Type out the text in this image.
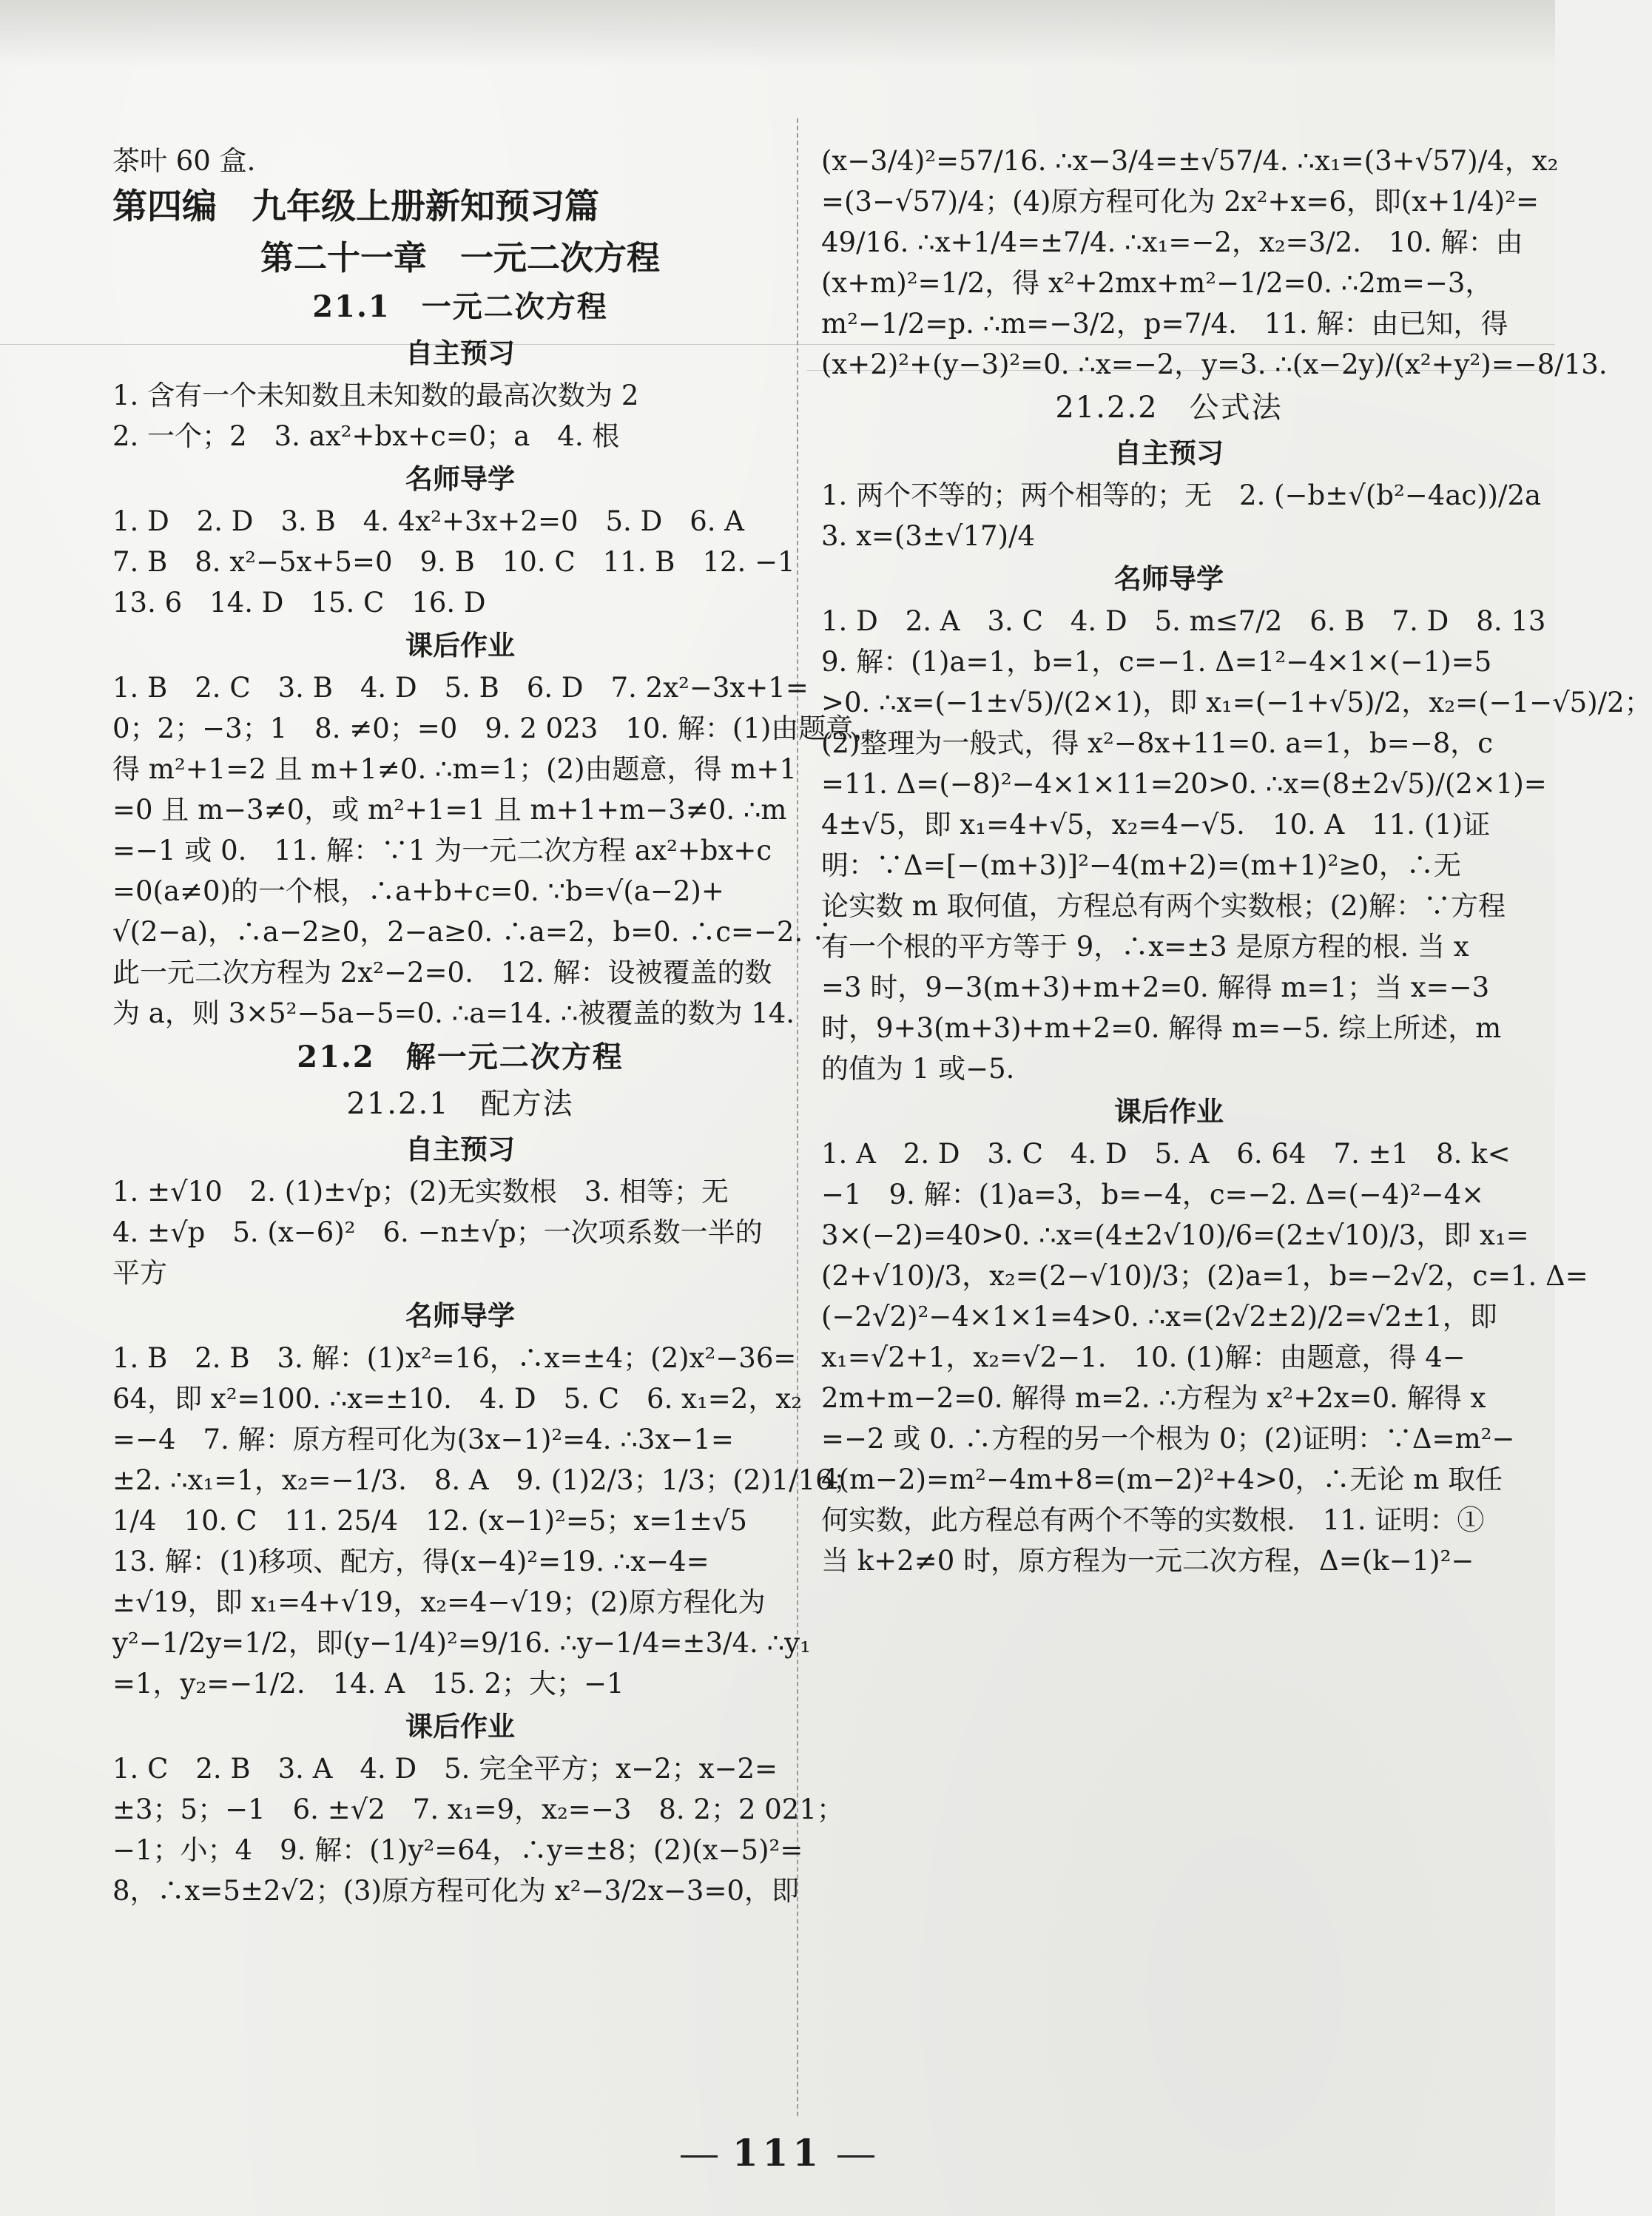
茶叶 60 盒.
第四编　九年级上册新知预习篇
第二十一章　一元二次方程
21.1　一元二次方程
自主预习
1. 含有一个未知数且未知数的最高次数为 2
2. 一个；2　3. ax²+bx+c=0；a　4. 根
名师导学
1. D　2. D　3. B　4. 4x²+3x+2=0　5. D　6. A
7. B　8. x²−5x+5=0　9. B　10. C　11. B　12. −1
13. 6　14. D　15. C　16. D
课后作业
1. B　2. C　3. B　4. D　5. B　6. D　7. 2x²−3x+1=
0；2；−3；1　8. ≠0；=0　9. 2 023　10. 解：(1)由题意，
得 m²+1=2 且 m+1≠0. ∴m=1；(2)由题意，得 m+1
=0 且 m−3≠0，或 m²+1=1 且 m+1+m−3≠0. ∴m
=−1 或 0.　11. 解：∵1 为一元二次方程 ax²+bx+c
=0(a≠0)的一个根，∴a+b+c=0. ∵b=√(a−2)+
√(2−a)，∴a−2≥0，2−a≥0. ∴a=2，b=0. ∴c=−2. ∴
此一元二次方程为 2x²−2=0.　12. 解：设被覆盖的数
为 a，则 3×5²−5a−5=0. ∴a=14. ∴被覆盖的数为 14.
21.2　解一元二次方程
21.2.1　配方法
自主预习
1. ±√10　2. (1)±√p；(2)无实数根　3. 相等；无
4. ±√p　5. (x−6)²　6. −n±√p；一次项系数一半的
平方
名师导学
1. B　2. B　3. 解：(1)x²=16，∴x=±4；(2)x²−36=
64，即 x²=100. ∴x=±10.　4. D　5. C　6. x₁=2，x₂
=−4　7. 解：原方程可化为(3x−1)²=4. ∴3x−1=
±2. ∴x₁=1，x₂=−1/3.　8. A　9. (1)2/3；1/3；(2)1/16；
1/4　10. C　11. 25/4　12. (x−1)²=5；x=1±√5
13. 解：(1)移项、配方，得(x−4)²=19. ∴x−4=
±√19，即 x₁=4+√19，x₂=4−√19；(2)原方程化为
y²−1/2y=1/2，即(y−1/4)²=9/16. ∴y−1/4=±3/4. ∴y₁
=1，y₂=−1/2.　14. A　15. 2；大；−1
课后作业
1. C　2. B　3. A　4. D　5. 完全平方；x−2；x−2=
±3；5；−1　6. ±√2　7. x₁=9，x₂=−3　8. 2；2 021；
−1；小；4　9. 解：(1)y²=64，∴y=±8；(2)(x−5)²=
8，∴x=5±2√2；(3)原方程可化为 x²−3/2x−3=0，即
(x−3/4)²=57/16. ∴x−3/4=±√57/4. ∴x₁=(3+√57)/4，x₂
=(3−√57)/4；(4)原方程可化为 2x²+x=6，即(x+1/4)²=
49/16. ∴x+1/4=±7/4. ∴x₁=−2，x₂=3/2.　10. 解：由
(x+m)²=1/2，得 x²+2mx+m²−1/2=0. ∴2m=−3，
m²−1/2=p. ∴m=−3/2，p=7/4.　11. 解：由已知，得
(x+2)²+(y−3)²=0. ∴x=−2，y=3. ∴(x−2y)/(x²+y²)=−8/13.
21.2.2　公式法
自主预习
1. 两个不等的；两个相等的；无　2. (−b±√(b²−4ac))/2a
3. x=(3±√17)/4
名师导学
1. D　2. A　3. C　4. D　5. m≤7/2　6. B　7. D　8. 13
9. 解：(1)a=1，b=1，c=−1. Δ=1²−4×1×(−1)=5
>0. ∴x=(−1±√5)/(2×1)，即 x₁=(−1+√5)/2，x₂=(−1−√5)/2；
(2)整理为一般式，得 x²−8x+11=0. a=1，b=−8，c
=11. Δ=(−8)²−4×1×11=20>0. ∴x=(8±2√5)/(2×1)=
4±√5，即 x₁=4+√5，x₂=4−√5.　10. A　11. (1)证
明：∵Δ=[−(m+3)]²−4(m+2)=(m+1)²≥0，∴无
论实数 m 取何值，方程总有两个实数根；(2)解：∵方程
有一个根的平方等于 9，∴x=±3 是原方程的根. 当 x
=3 时，9−3(m+3)+m+2=0. 解得 m=1；当 x=−3
时，9+3(m+3)+m+2=0. 解得 m=−5. 综上所述，m
的值为 1 或−5.
课后作业
1. A　2. D　3. C　4. D　5. A　6. 64　7. ±1　8. k<
−1　9. 解：(1)a=3，b=−4，c=−2. Δ=(−4)²−4×
3×(−2)=40>0. ∴x=(4±2√10)/6=(2±√10)/3，即 x₁=
(2+√10)/3，x₂=(2−√10)/3；(2)a=1，b=−2√2，c=1. Δ=
(−2√2)²−4×1×1=4>0. ∴x=(2√2±2)/2=√2±1，即
x₁=√2+1，x₂=√2−1.　10. (1)解：由题意，得 4−
2m+m−2=0. 解得 m=2. ∴方程为 x²+2x=0. 解得 x
=−2 或 0. ∴方程的另一个根为 0；(2)证明：∵Δ=m²−
4(m−2)=m²−4m+8=(m−2)²+4>0，∴无论 m 取任
何实数，此方程总有两个不等的实数根.　11. 证明：①
当 k+2≠0 时，原方程为一元二次方程，Δ=(k−1)²−
111
